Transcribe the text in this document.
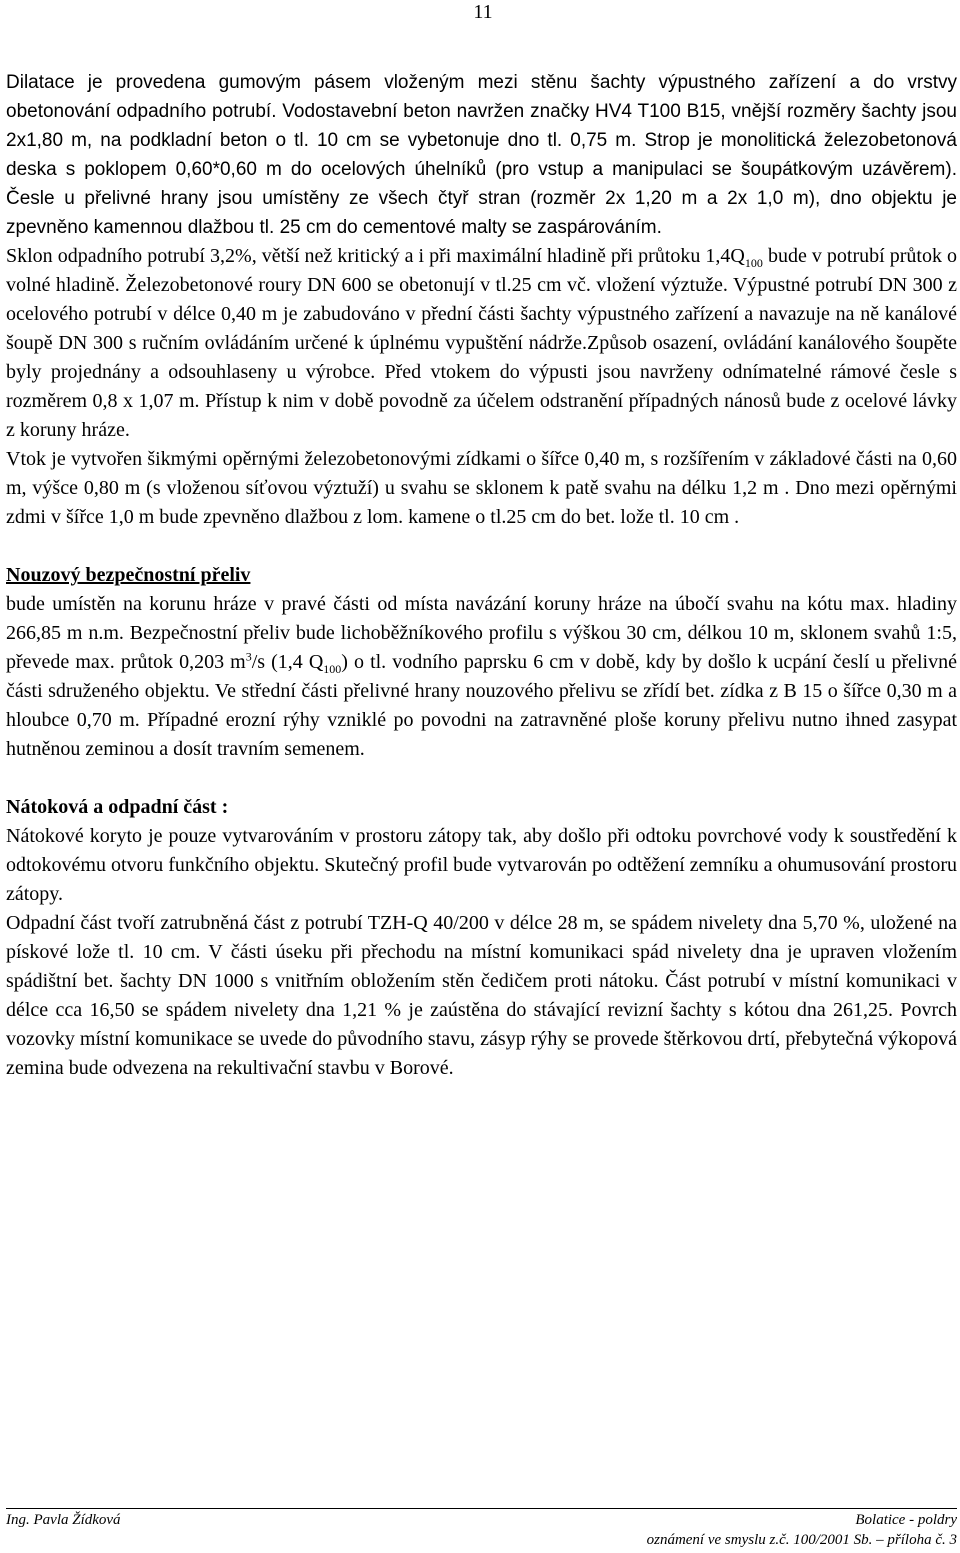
11

Dilatace je provedena gumovým pásem vloženým mezi stěnu šachty výpustného zařízení a do vrstvy obetonování odpadního potrubí. Vodostavební beton navržen značky HV4 T100 B15, vnější rozměry šachty jsou 2x1,80 m, na podkladní beton o tl. 10 cm se vybetonuje dno tl. 0,75 m. Strop je monolitická železobetonová deska s poklopem 0,60*0,60 m do ocelových úhelníků (pro vstup a manipulaci se šoupátkovým uzávěrem). Česle u přelivné hrany jsou umístěny ze všech čtyř stran (rozměr 2x 1,20 m a 2x 1,0 m), dno objektu je zpevněno kamennou dlažbou tl. 25 cm do cementové malty se zaspárováním.

Sklon odpadního potrubí 3,2%, větší než kritický a i při maximální hladině při průtoku $1,4Q_{100}$ bude v potrubí průtok o volné hladině. Železobetonové roury DN 600 se obetonují v tl.25 cm vč. vložení výztuže. Výpustné potrubí DN 300 z ocelového potrubí v délce 0,40 m je zabudováno v přední části šachty výpustného zařízení a navazuje na ně kanálové šoupě DN 300 s ručním ovládáním určené k úplnému vypuštění nádrže.Způsob osazení, ovládání kanálového šoupěte byly projednány a odsouhlaseny u výrobce. Před vtokem do výpusti jsou navrženy odnímatelné rámové česle s rozměrem 0,8 x 1,07 m. Přístup k nim v době povodně za účelem odstranění případných nánosů bude z ocelové lávky z koruny hráze.

Vtok je vytvořen šikmými opěrnými železobetonovými zídkami o šířce 0,40 m, s rozšířením v základové části na 0,60 m, výšce 0,80 m (s vloženou síťovou výztuží) u svahu se sklonem k patě svahu na délku 1,2 m . Dno mezi opěrnými zdmi v šířce 1,0 m bude zpevněno dlažbou z lom. kamene o tl.25 cm do bet. lože tl. 10 cm .

Nouzový bezpečnostní přeliv

bude umístěn na korunu hráze v pravé části od místa navázání koruny hráze na úbočí svahu na kótu max. hladiny 266,85 m n.m. Bezpečnostní přeliv bude lichoběžníkového profilu s výškou 30 cm, délkou 10 m, sklonem svahů 1:5, převede max. průtok 0,203 $m^3/s$ (1,4 $Q_{100}$) o tl. vodního paprsku 6 cm v době, kdy by došlo k ucpání česlí u přelivné části sdruženého objektu. Ve střední části přelivné hrany nouzového přelivu se zřídí bet. zídka z B 15 o šířce 0,30 m a hloubce 0,70 m. Případné erozní rýhy vzniklé po povodni na zatravněné ploše koruny přelivu nutno ihned zasypat hutněnou zeminou a dosít travním semenem.

Nátoková a odpadní část :

Nátokové koryto je pouze vytvarováním v prostoru zátopy tak, aby došlo při odtoku povrchové vody k soustředění k odtokovému otvoru funkčního objektu. Skutečný profil bude vytvarován po odtěžení zemníku a ohumusování prostoru zátopy.

Odpadní část tvoří zatrubněná část z potrubí TZH-Q 40/200 v délce 28 m, se spádem nivelety dna 5,70 %, uložené na pískové lože tl. 10 cm. V části úseku při přechodu na místní komunikaci spád nivelety dna je upraven vložením spádištní bet. šachty DN 1000 s vnitřním obložením stěn čedičem proti nátoku. Část potrubí v místní komunikaci v délce cca 16,50 se spádem nivelety dna 1,21 % je zaústěna do stávající revizní šachty s kótou dna 261,25. Povrch vozovky místní komunikace se uvede do původního stavu, zásyp rýhy se provede štěrkovou drtí, přebytečná výkopová zemina bude odvezena na rekultivační stavbu v Borové.

Ing. Pavla Žídková	Bolatice - poldry
oznámení ve smyslu z.č. 100/2001 Sb. – příloha č. 3
